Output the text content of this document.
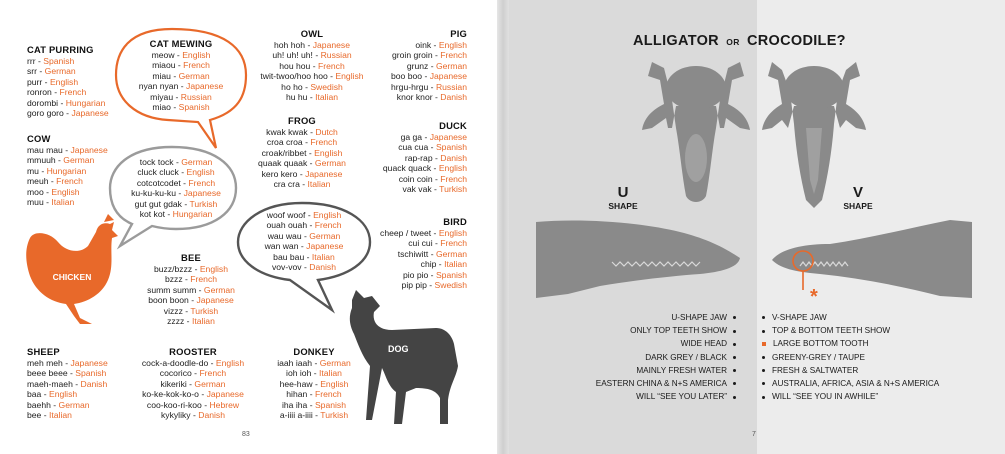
CHICKEN
DOG
CAT PURRING
rrr - Spanish
srr - German
purr - English
ronron - French
dorombi - Hungarian
goro goro - Japanese
CAT MEWING
meow - English
miaou - French
miau - German
nyan nyan - Japanese
miyau - Russian
miao - Spanish
OWL
hoh hoh - Japanese
uh! uh! uh! - Russian
hou hou - French
twit-twoo/hoo hoo - English
ho ho - Swedish
hu hu - Italian
PIG
oink - English
groin groin - French
grunz - German
boo boo - Japanese
hrgu-hrgu - Russian
knor knor - Danish
COW
mau mau - Japanese
mmuuh - German
mu - Hungarian
meuh - French
moo - English
muu - Italian
FROG
kwak kwak - Dutch
croa croa - French
croak/ribbet - English
quaak quaak - German
kero kero - Japanese
cra cra - Italian
DUCK
ga ga - Japanese
cua cua - Spanish
rap-rap - Danish
quack quack - English
coin coin - French
vak vak - Turkish
tock tock - German
cluck cluck - English
cotcotcodet - French
ku-ku-ku-ku - Japanese
gut gut gdak - Turkish
kot kot - Hungarian	woof woof - English
ouah ouah - French
wau wau - German
wan wan - Japanese
bau bau - Italian
vov-vov - Danish
BIRD
cheep / tweet - English
cui cui - French
tschiwitt - German
chip - Italian
pio pio - Spanish
pip pip - Swedish
BEE
buzz/bzzz - English
bzzz - French
summ summ - German
boon boon - Japanese
vizzz - Turkish
zzzz - Italian
SHEEP
meh meh - Japanese
beee beee - Spanish
maeh-maeh - Danish
baa - English
baehh - German
bee - Italian
ROOSTER
cock-a-doodle-do - English
cocorico - French
kikeriki - German
ko-ke-kok-ko-o - Japanese
coo-koo-ri-koo - Hebrew
kykyliky - Danish
DONKEY
iaah iaah - German
ioh ioh - Italian
hee-haw - English
hihan - French
iha iha - Spanish
a-iiii a-iiii - Turkish
83
ALLIGATOR OR CROCODILE?
U
SHAPE
V
SHAPE
*
U-SHAPE JAW
ONLY TOP TEETH SHOW
WIDE HEAD
DARK GREY / BLACK
MAINLY FRESH WATER
EASTERN CHINA & N+S AMERICA
WILL “SEE YOU LATER”
V-SHAPE JAW
TOP & BOTTOM TEETH SHOW
LARGE BOTTOM TOOTH
GREENY-GREY / TAUPE
FRESH & SALTWATER
AUSTRALIA, AFRICA, ASIA & N+S AMERICA
WILL “SEE YOU IN AWHILE”
7
